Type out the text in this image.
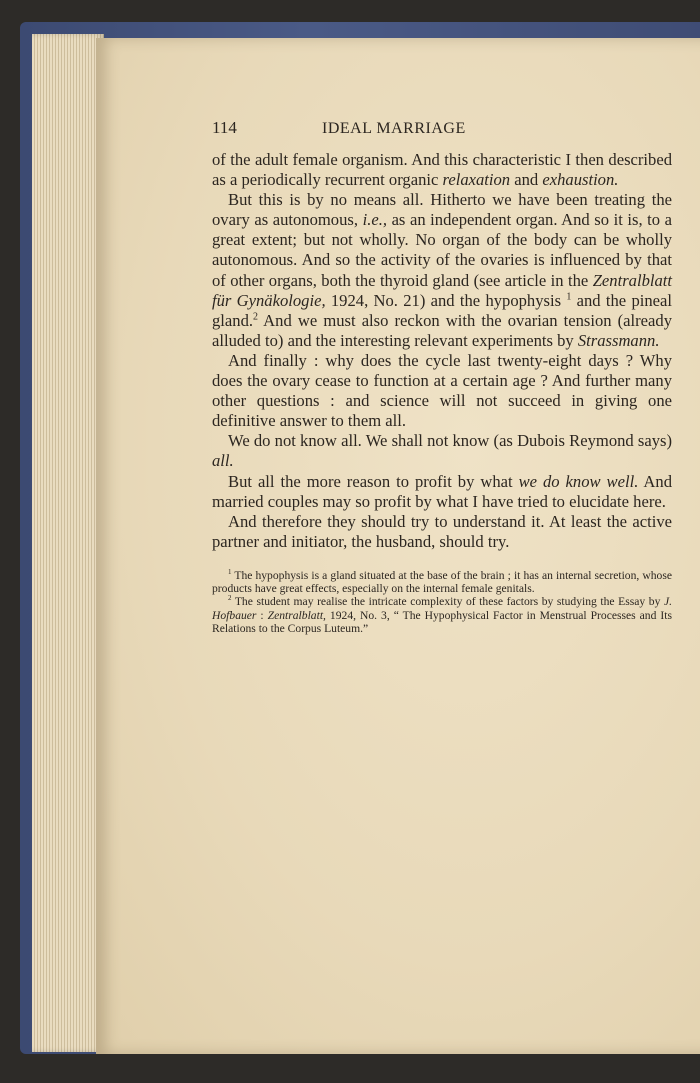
114	IDEAL MARRIAGE

of the adult female organism. And this characteristic I then described as a periodically recurrent organic relaxation and exhaustion.

But this is by no means all. Hitherto we have been treating the ovary as autonomous, i.e., as an independent organ. And so it is, to a great extent; but not wholly. No organ of the body can be wholly autonomous. And so the activity of the ovaries is influenced by that of other organs, both the thyroid gland (see article in the Zentralblatt für Gynäkologie, 1924, No. 21) and the hypophysis $^1$ and the pineal gland.$^2$ And we must also reckon with the ovarian tension (already alluded to) and the interesting relevant experiments by Strassmann.

And finally : why does the cycle last twenty-eight days ? Why does the ovary cease to function at a certain age ? And further many other questions : and science will not succeed in giving one definitive answer to them all.

We do not know all. We shall not know (as Dubois Reymond says) all.

But all the more reason to profit by what we do know well. And married couples may so profit by what I have tried to elucidate here.

And therefore they should try to understand it. At least the active partner and initiator, the husband, should try.

$^1$ The hypophysis is a gland situated at the base of the brain ; it has an internal secretion, whose products have great effects, especially on the internal female genitals.

$^2$ The student may realise the intricate complexity of these factors by studying the Essay by J. Hofbauer : Zentralblatt, 1924, No. 3, “ The Hypophysical Factor in Menstrual Processes and Its Relations to the Corpus Luteum.”
